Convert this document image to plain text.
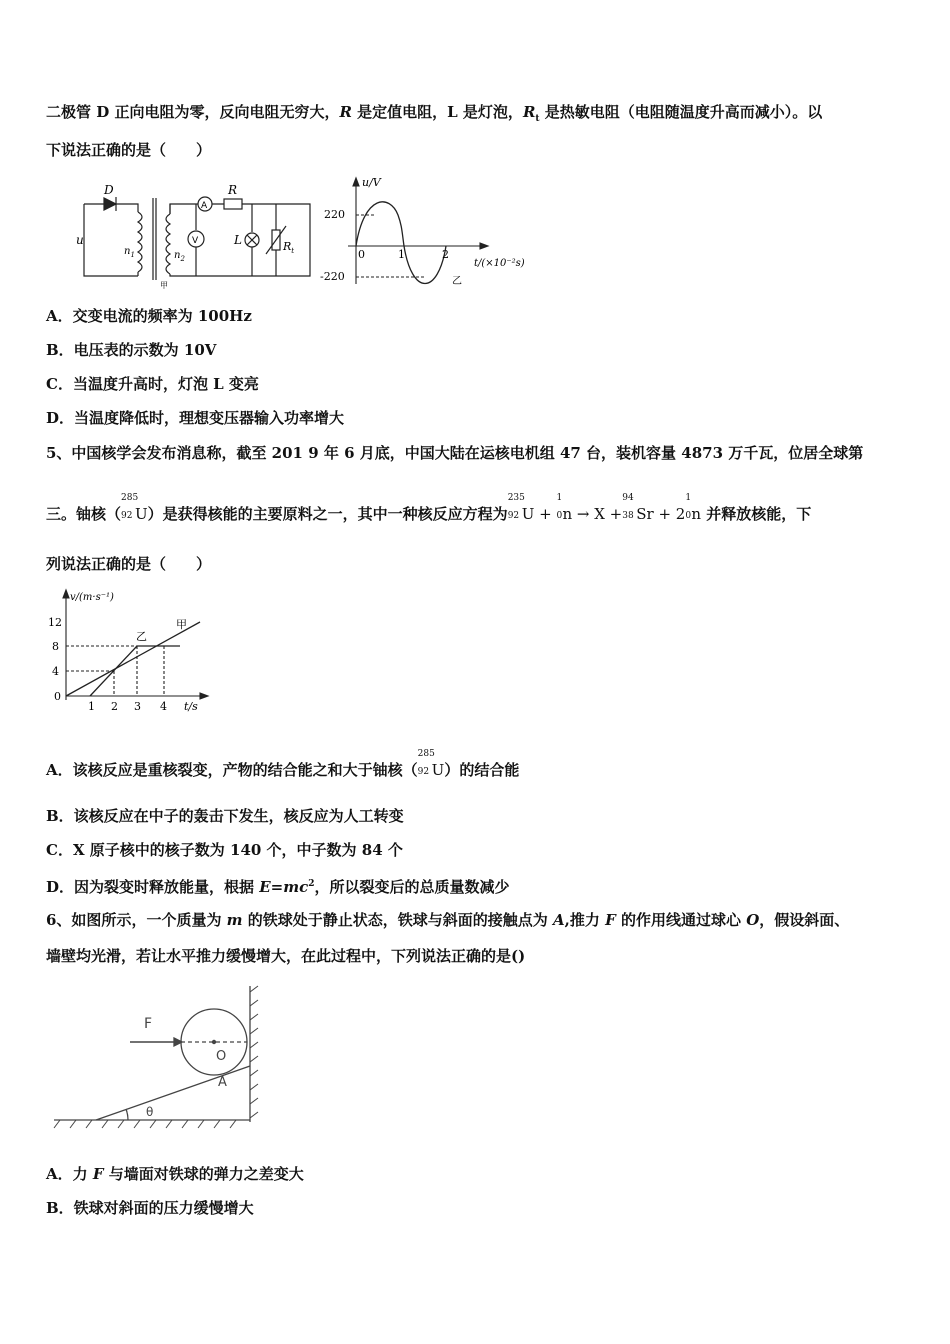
二极管 D 正向电阻为零，反向电阻无穷大，R 是定值电阻，L 是灯泡，$R_t$ 是热敏电阻（电阻随温度升高而减小）。以
下说法正确的是（　　）
D
u
$n_1$	$n_2$
A
V
R
L	$R_t$
甲
u/V
220
-220
0	1	2
t/(×10⁻²s)
乙
A．交变电流的频率为 100Hz
B．电压表的示数为 10V
C．当温度升高时，灯泡 L 变亮
D．当温度降低时，理想变压器输入功率增大
5、中国核学会发布消息称，截至 201 9 年 6 月底，中国大陆在运核电机组 47 台，装机容量 4873 万千瓦，位居全球第
三。铀核（
285
92 U）是获得核能的主要原料之一，其中一种核反应方程为
235
92 U +
1
0 n → X +
94
38 Sr + 2
1
0 n 并释放核能，下
列说法正确的是（　　）
v/(m·s⁻¹)
12
8
4
0
1 2 3 4 t/s
甲
乙
A．该核反应是重核裂变，产物的结合能之和大于铀核（
285
92 U）的结合能
B．该核反应在中子的轰击下发生，核反应为人工转变
C．X 原子核中的核子数为 140 个，中子数为 84 个
D．因为裂变时释放能量，根据 $E=mc^2$，所以裂变后的总质量数减少
6、如图所示，一个质量为 m 的铁球处于静止状态，铁球与斜面的接触点为 A,推力 F 的作用线通过球心 O，假设斜面、
墙壁均光滑，若让水平推力缓慢增大，在此过程中，下列说法正确的是()
F
O
A
θ
A．力 F 与墙面对铁球的弹力之差变大
B．铁球对斜面的压力缓慢增大
